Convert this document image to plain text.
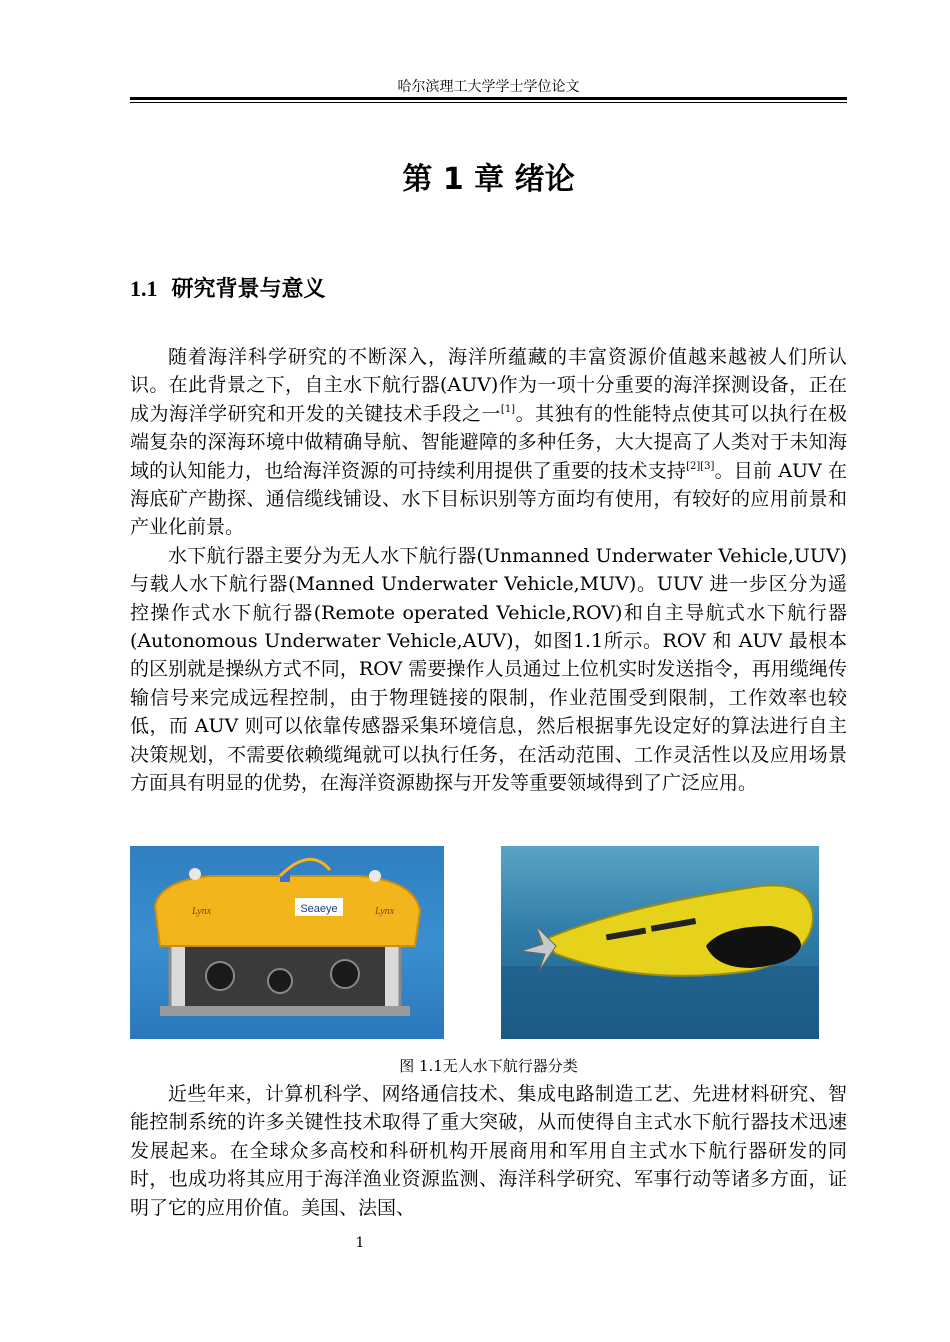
哈尔滨理工大学学士学位论文
第 1 章 绪论
1.1 研究背景与意义

随着海洋科学研究的不断深入，海洋所蕴藏的丰富资源价值越来越被人们所认识。在此背景之下，自主水下航行器(AUV)作为一项十分重要的海洋探测设备，正在成为海洋学研究和开发的关键技术手段之一[1]。其独有的性能特点使其可以执行在极端复杂的深海环境中做精确导航、智能避障的多种任务，大大提高了人类对于未知海域的认知能力，也给海洋资源的可持续利用提供了重要的技术支持[2][3]。目前 AUV 在海底矿产勘探、通信缆线铺设、水下目标识别等方面均有使用，有较好的应用前景和产业化前景。

水下航行器主要分为无人水下航行器(Unmanned Underwater Vehicle,UUV)与载人水下航行器(Manned Underwater Vehicle,MUV)。UUV 进一步区分为遥控操作式水下航行器(Remote operated Vehicle,ROV)和自主导航式水下航行器(Autonomous Underwater Vehicle,AUV)，如图1.1所示。ROV 和 AUV 最根本的区别就是操纵方式不同，ROV 需要操作人员通过上位机实时发送指令，再用缆绳传输信号来完成远程控制，由于物理链接的限制，作业范围受到限制，工作效率也较低，而 AUV 则可以依靠传感器采集环境信息，然后根据事先设定好的算法进行自主决策规划，不需要依赖缆绳就可以执行任务，在活动范围、工作灵活性以及应用场景方面具有明显的优势，在海洋资源勘探与开发等重要领域得到了广泛应用。

Seaeye
Lynx	Lynx
图 1.1无人水下航行器分类

近些年来，计算机科学、网络通信技术、集成电路制造工艺、先进材料研究、智能控制系统的许多关键性技术取得了重大突破，从而使得自主式水下航行器技术迅速发展起来。在全球众多高校和科研机构开展商用和军用自主式水下航行器研发的同时，也成功将其应用于海洋渔业资源监测、海洋科学研究、军事行动等诸多方面，证明了它的应用价值。美国、法国、

1
